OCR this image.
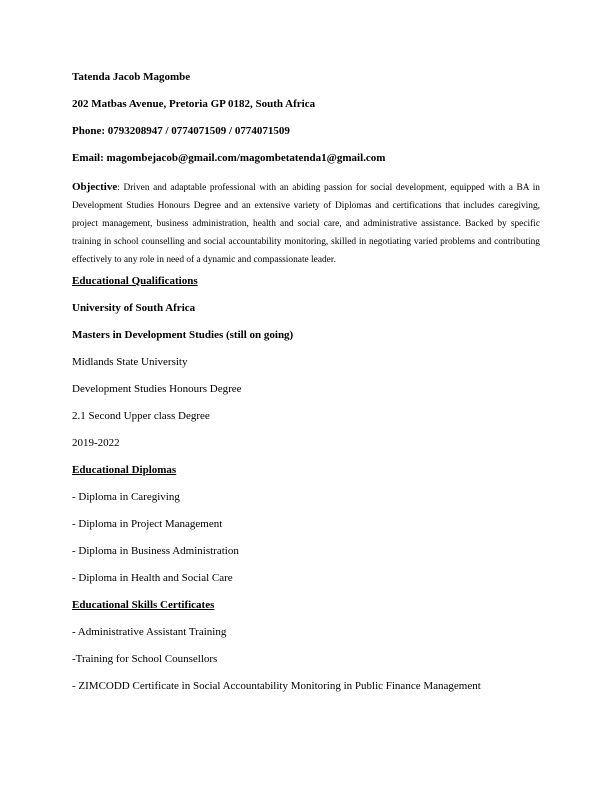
Tatenda Jacob Magombe
202 Matbas Avenue, Pretoria GP 0182, South Africa
Phone: 0793208947 / 0774071509 / 0774071509
Email: magombejacob@gmail.com/magombetatenda1@gmail.com
Objective: Driven and adaptable professional with an abiding passion for social development, equipped with a BA in Development Studies Honours Degree and an extensive variety of Diplomas and certifications that includes caregiving, project management, business administration, health and social care, and administrative assistance. Backed by specific training in school counselling and social accountability monitoring, skilled in negotiating varied problems and contributing effectively to any role in need of a dynamic and compassionate leader.
Educational Qualifications
University of South Africa
Masters in Development Studies (still on going)
Midlands State University
Development Studies Honours Degree
2.1 Second Upper class Degree
2019-2022
Educational Diplomas
- Diploma in Caregiving
- Diploma in Project Management
- Diploma in Business Administration
- Diploma in Health and Social Care
Educational Skills Certificates
- Administrative Assistant Training
-Training for School Counsellors
- ZIMCODD Certificate in Social Accountability Monitoring in Public Finance Management
